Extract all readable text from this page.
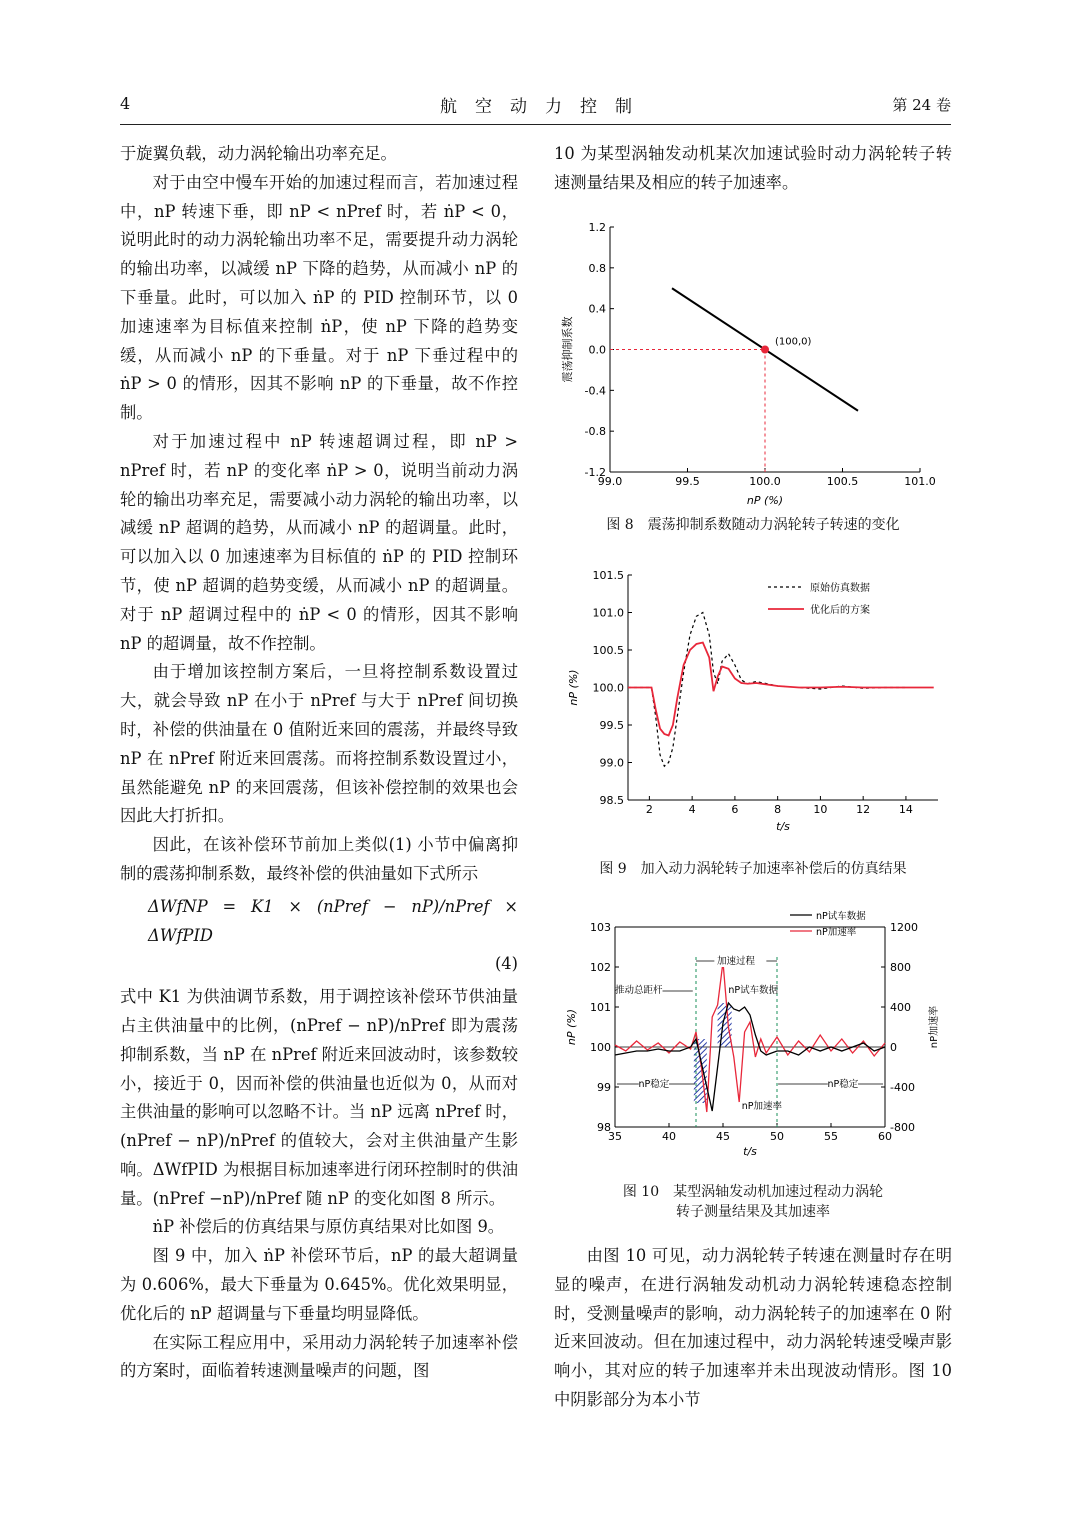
4	航空动力控制	第 24 卷

于旋翼负载，动力涡轮输出功率充足。

对于由空中慢车开始的加速过程而言，若加速过程中，nP 转速下垂，即 nP < nPref 时，若 ṅP < 0，说明此时的动力涡轮输出功率不足，需要提升动力涡轮的输出功率，以减缓 nP 下降的趋势，从而减小 nP 的下垂量。此时，可以加入 ṅP 的 PID 控制环节，以 0 加速速率为目标值来控制 ṅP，使 nP 下降的趋势变缓，从而减小 nP 的下垂量。对于 nP 下垂过程中的 ṅP > 0 的情形，因其不影响 nP 的下垂量，故不作控制。

对于加速过程中 nP 转速超调过程，即 nP > nPref 时，若 nP 的变化率 ṅP > 0，说明当前动力涡轮的输出功率充足，需要减小动力涡轮的输出功率，以减缓 nP 超调的趋势，从而减小 nP 的超调量。此时，可以加入以 0 加速速率为目标值的 ṅP 的 PID 控制环节，使 nP 超调的趋势变缓，从而减小 nP 的超调量。对于 nP 超调过程中的 ṅP < 0 的情形，因其不影响 nP 的超调量，故不作控制。

由于增加该控制方案后，一旦将控制系数设置过大，就会导致 nP 在小于 nPref 与大于 nPref 间切换时，补偿的供油量在 0 值附近来回的震荡，并最终导致 nP 在 nPref 附近来回震荡。而将控制系数设置过小，虽然能避免 nP 的来回震荡，但该补偿控制的效果也会因此大打折扣。

因此，在该补偿环节前加上类似(1) 小节中偏离抑制的震荡抑制系数，最终补偿的供油量如下式所示

ΔWfNP = K1 × (nPref − nP)/nPref × ΔWfPID
(4)

式中 K1 为供油调节系数，用于调控该补偿环节供油量占主供油量中的比例，(nPref − nP)/nPref 即为震荡抑制系数，当 nP 在 nPref 附近来回波动时，该参数较小，接近于 0，因而补偿的供油量也近似为 0，从而对主供油量的影响可以忽略不计。当 nP 远离 nPref 时，(nPref − nP)/nPref 的值较大，会对主供油量产生影响。ΔWfPID 为根据目标加速率进行闭环控制时的供油量。(nPref −nP)/nPref 随 nP 的变化如图 8 所示。

ṅP 补偿后的仿真结果与原仿真结果对比如图 9。

图 9 中，加入 ṅP 补偿环节后，nP 的最大超调量为 0.606%，最大下垂量为 0.645%。优化效果明显，优化后的 nP 超调量与下垂量均明显降低。

在实际工程应用中，采用动力涡轮转子加速率补偿的方案时，面临着转速测量噪声的问题，图

10 为某型涡轴发动机某次加速试验时动力涡轮转子转速测量结果及相应的转子加速率。

99.0	99.5	100.0	100.5	101.0
1.2
0.8
0.4
0.0
-0.4
-0.8
-1.2
(100,0)
nP (%)
震荡抑制系数
图 8　震荡抑制系数随动力涡轮转子转速的变化
2	4	6	8	10	12	14
101.5
101.0
100.5
100.0
99.5
99.0
98.5
原始仿真数据
优化后的方案
t/s
nP (%)
图 9　加入动力涡轮转子加速率补偿后的仿真结果
35	40	45	50	55	60
103
102
101
100
99
98
1200
800
400
0
-400
-800
加速过程
推动总距杆	nP试车数据
nP稳定	nP稳定
nP加速率
nP试车数据
nP加速率
t/s
nP (%)	nP加速率
图 10　某型涡轴发动机加速过程动力涡轮
转子测量结果及其加速率

由图 10 可见，动力涡轮转子转速在测量时存在明显的噪声，在进行涡轴发动机动力涡轮转速稳态控制时，受测量噪声的影响，动力涡轮转子的加速率在 0 附近来回波动。但在加速过程中，动力涡轮转速受噪声影响小，其对应的转子加速率并未出现波动情形。图 10 中阴影部分为本小节
